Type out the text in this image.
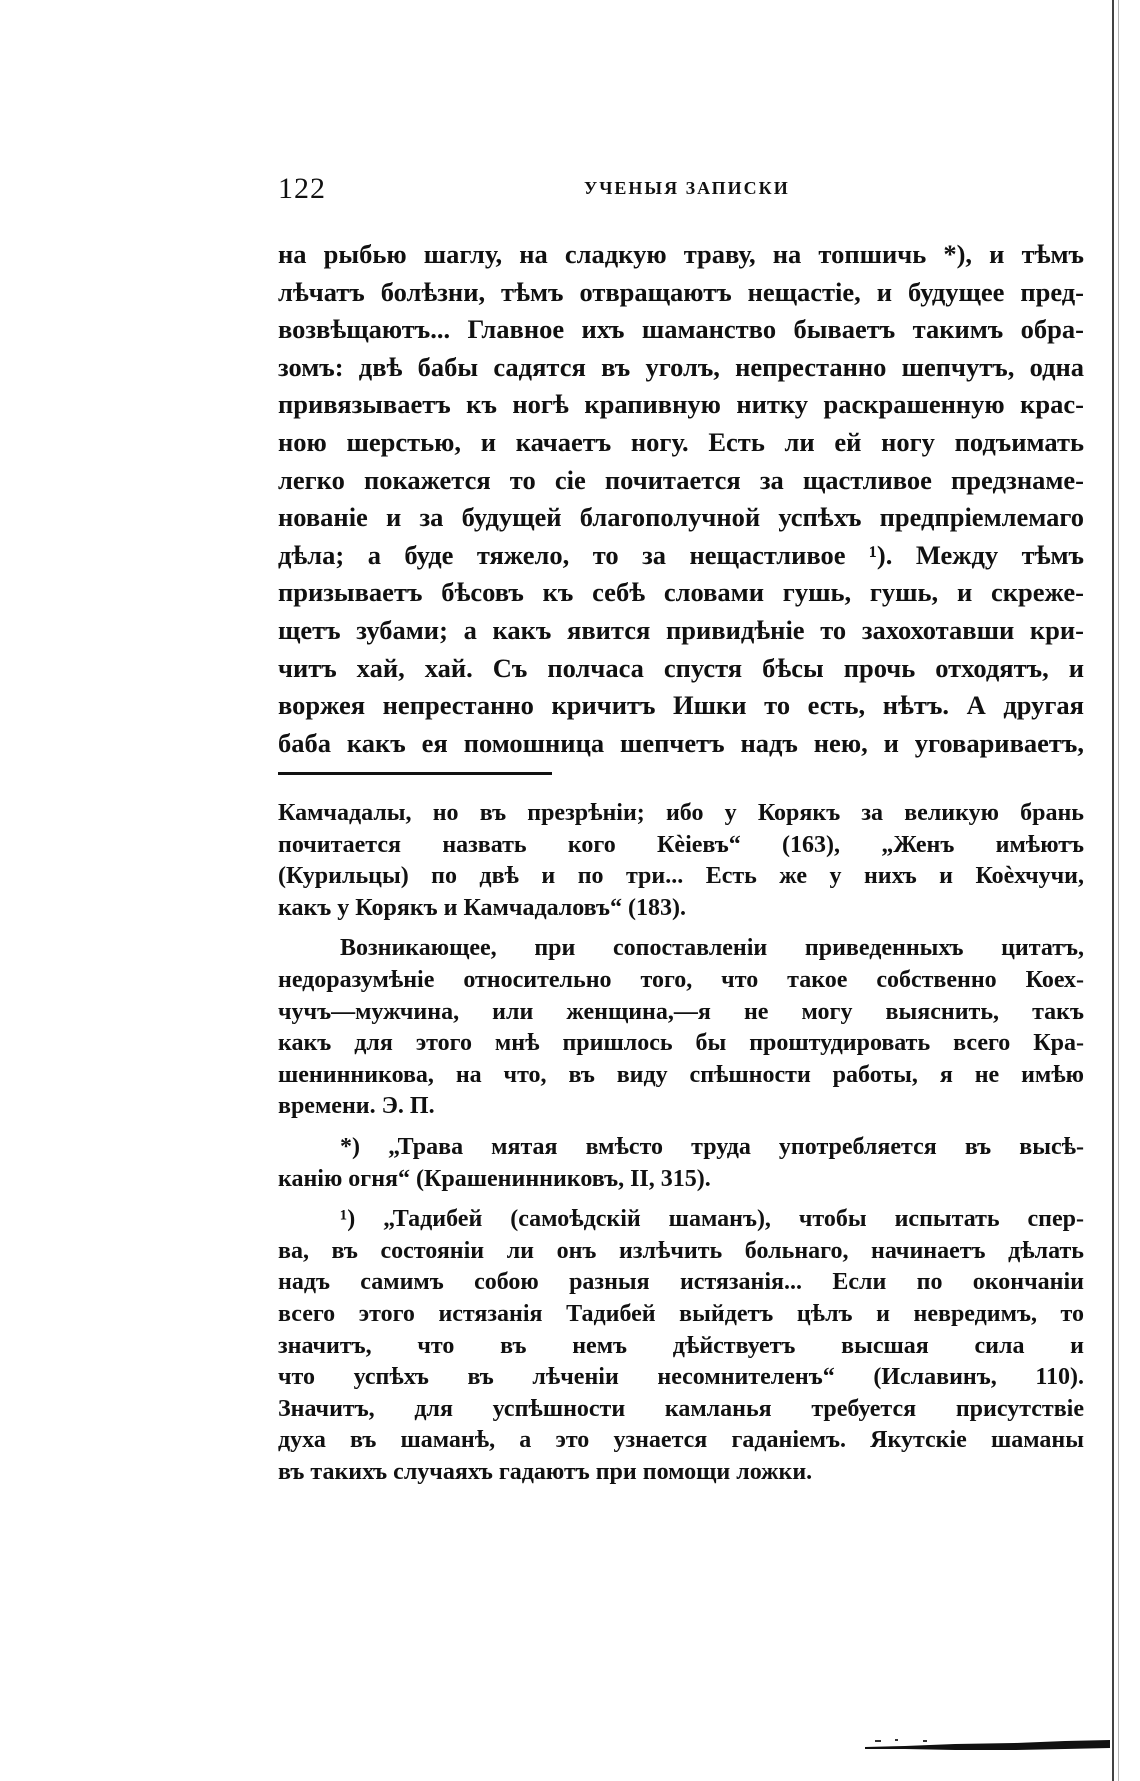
122	УЧЕНЫЯ ЗАПИСКИ
на рыбью шаглу, на сладкую траву, на топшичь *), и тѣмъ
лѣчатъ болѣзни, тѣмъ отвращаютъ нещастіе, и будущее пред-
возвѣщаютъ... Главное ихъ шаманство бываетъ такимъ обра-
зомъ: двѣ бабы садятся въ уголъ, непрестанно шепчутъ, одна
привязываетъ къ ногѣ крапивную нитку раскрашенную крас-
ною шерстью, и качаетъ ногу. Есть ли ей ногу подъимать
легко покажется то сіе почитается за щастливое предзнаме-
нованіе и за будущей благополучной успѣхъ предпріемлемаго
дѣла; а буде тяжело, то за нещастливое ¹). Между тѣмъ
призываетъ бѣсовъ къ себѣ словами гушь, гушь, и скреже-
щетъ зубами; а какъ явится привидѣніе то захохотавши кри-
читъ хай, хай. Съ полчаса спустя бѣсы прочь отходятъ, и
воржея непрестанно кричитъ Ишки то есть, нѣтъ. А другая
баба какъ ея помошница шепчетъ надъ нею, и уговариваетъ,
Камчадалы, но въ презрѣніи; ибо у Корякъ за великую брань
почитается назвать кого Кѐіевъ“ (163), „Женъ имѣютъ
(Курильцы) по двѣ и по три... Есть же у нихъ и Коѐхчучи,
какъ у Корякъ и Камчадаловъ“ (183).
Возникающее, при сопоставленіи приведенныхъ цитатъ,
недоразумѣніе относительно того, что такое собственно Коех-
чучъ—мужчина, или женщина,—я не могу выяснить, такъ
какъ для этого мнѣ пришлось бы проштудировать всего Кра-
шенинникова, на что, въ виду спѣшности работы, я не имѣю
времени. Э. П.
*) „Трава мятая вмѣсто труда употребляется въ высѣ-
канію огня“ (Крашенинниковъ, II, 315).
¹) „Тадибей (самоѣдскій шаманъ), чтобы испытать спер-
ва, въ состояніи ли онъ излѣчить больнаго, начинаетъ дѣлать
надъ самимъ собою разныя истязанія... Если по окончаніи
всего этого истязанія Тадибей выйдетъ цѣлъ и невредимъ, то
значитъ, что въ немъ дѣйствуетъ высшая сила и
что успѣхъ въ лѣченіи несомнителенъ“ (Иславинъ, 110).
Значитъ, для успѣшности камланья требуется присутствіе
духа въ шаманѣ, а это узнается гаданіемъ. Якутскіе шаманы
въ такихъ случаяхъ гадаютъ при помощи ложки.
